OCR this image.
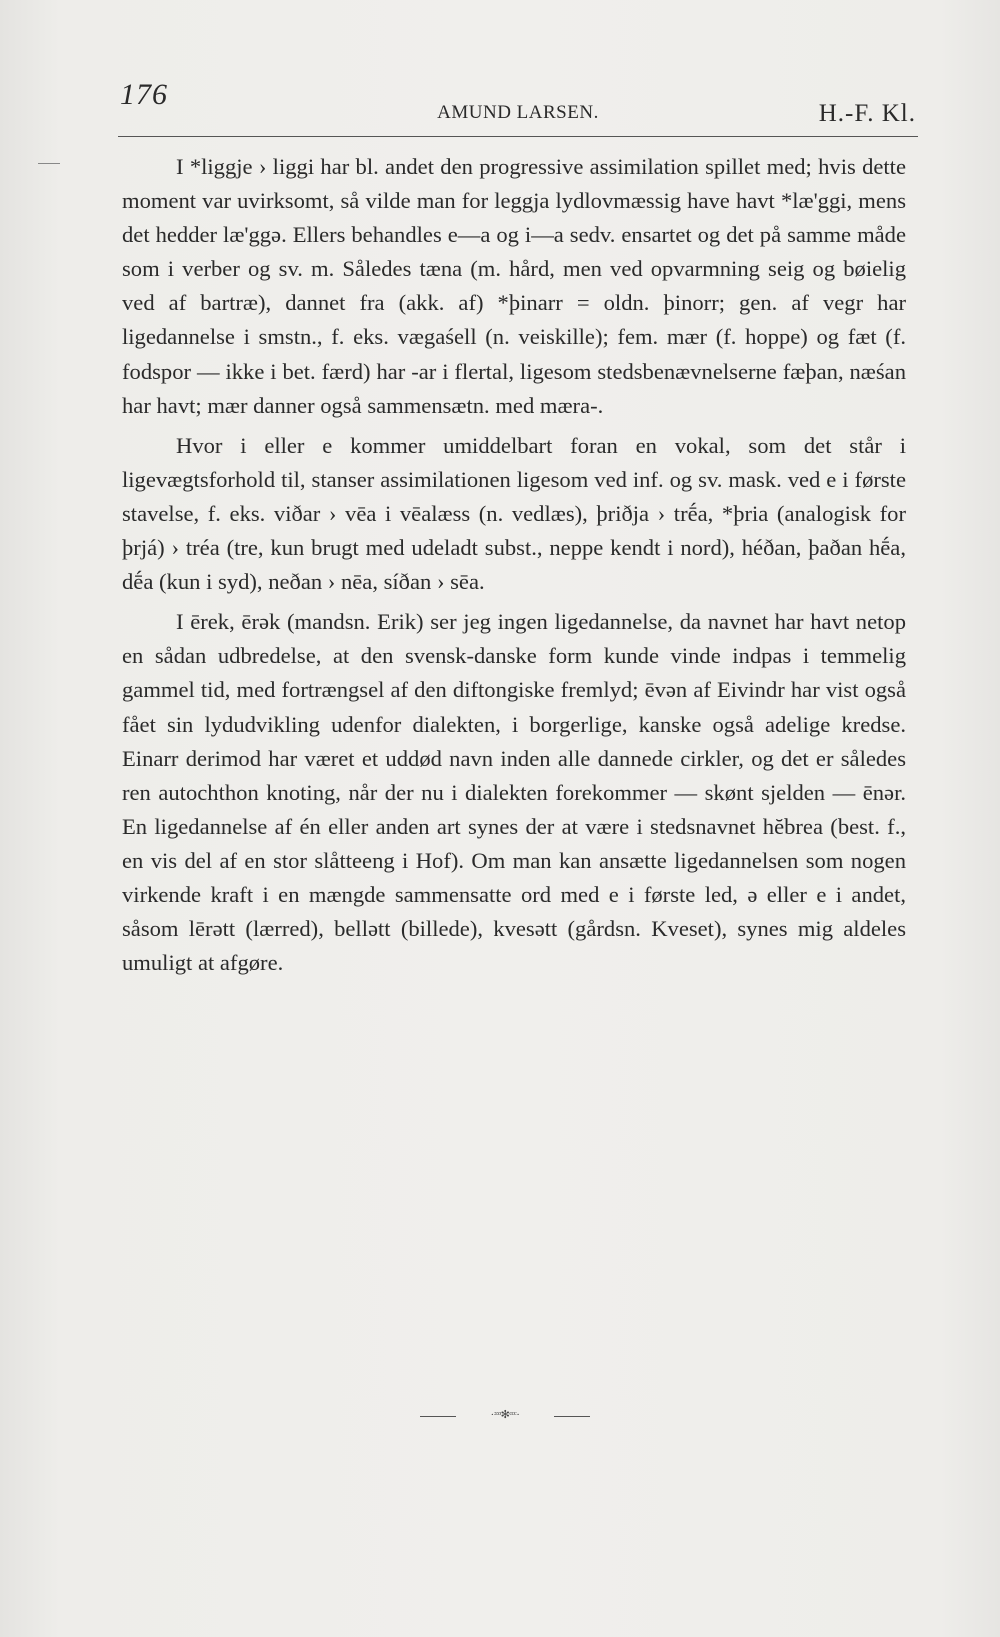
176
AMUND LARSEN.	H.-F. Kl.

I *liggje › liggi har bl. andet den progressive assimilation spillet med; hvis dette moment var uvirksomt, så vilde man for leggja lydlovmæssig have havt *læ'ggi, mens det hedder læ'ggə. Ellers behandles e—a og i—a sedv. ensartet og det på samme måde som i verber og sv. m. Således tæna (m. hård, men ved opvarmning seig og bøielig ved af bartræ), dannet fra (akk. af) *þinarr = oldn. þinorr; gen. af vegr har ligedannelse i smstn., f. eks. vægaśell (n. veiskille); fem. mær (f. hoppe) og fæt (f. fodspor — ikke i bet. færd) har -ar i flertal, ligesom stedsbenævnelserne fæþan, næśan har havt; mær danner også sammensætn. med mæra-.

Hvor i eller e kommer umiddelbart foran en vokal, som det står i ligevægtsforhold til, stanser assimilationen ligesom ved inf. og sv. mask. ved e i første stavelse, f. eks. viðar › vēa i vēalæss (n. vedlæs), þriðja › trḗa, *þria (analogisk for þrjá) › tréa (tre, kun brugt med udeladt subst., neppe kendt i nord), héðan, þaðan hḗa, dḗa (kun i syd), neðan › nēa, síðan › sēa.

I ērek, ērək (mandsn. Erik) ser jeg ingen ligedannelse, da navnet har havt netop en sådan udbredelse, at den svensk-danske form kunde vinde indpas i temmelig gammel tid, med fortrængsel af den diftongiske fremlyd; ēvən af Eivindr har vist også fået sin lydudvikling udenfor dialekten, i borgerlige, kanske også adelige kredse. Einarr derimod har været et uddød navn inden alle dannede cirkler, og det er således ren autochthon knoting, når der nu i dialekten forekommer — skønt sjelden — ēnər. En ligedannelse af én eller anden art synes der at være i stedsnavnet hĕbrea (best. f., en vis del af en stor slåtteeng i Hof). Om man kan ansætte ligedannelsen som nogen virkende kraft i en mængde sammensatte ord med e i første led, ə eller e i andet, såsom lērətt (lærred), bellətt (billede), kvesətt (gårdsn. Kveset), synes mig aldeles umuligt at afgøre.

·ᵓᵓᵓ✻ᶜᶜᶜ·
